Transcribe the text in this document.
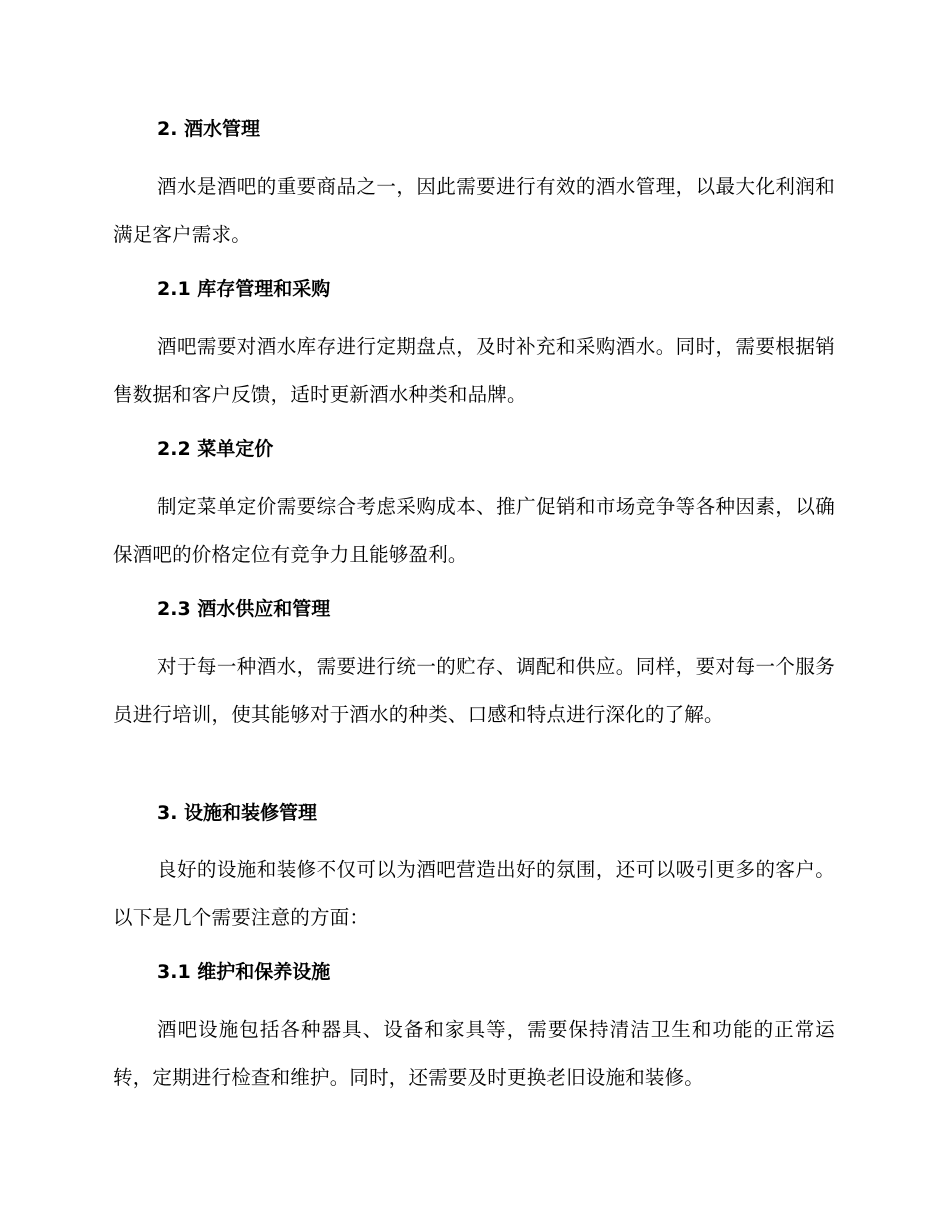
2. 酒水管理

酒水是酒吧的重要商品之一，因此需要进行有效的酒水管理，以最大化利润和满足客户需求。

2.1 库存管理和采购

酒吧需要对酒水库存进行定期盘点，及时补充和采购酒水。同时，需要根据销售数据和客户反馈，适时更新酒水种类和品牌。

2.2 菜单定价

制定菜单定价需要综合考虑采购成本、推广促销和市场竞争等各种因素，以确保酒吧的价格定位有竞争力且能够盈利。

2.3 酒水供应和管理

对于每一种酒水，需要进行统一的贮存、调配和供应。同样，要对每一个服务员进行培训，使其能够对于酒水的种类、口感和特点进行深化的了解。

3. 设施和装修管理

良好的设施和装修不仅可以为酒吧营造出好的氛围，还可以吸引更多的客户。以下是几个需要注意的方面：

3.1 维护和保养设施

酒吧设施包括各种器具、设备和家具等，需要保持清洁卫生和功能的正常运转，定期进行检查和维护。同时，还需要及时更换老旧设施和装修。
